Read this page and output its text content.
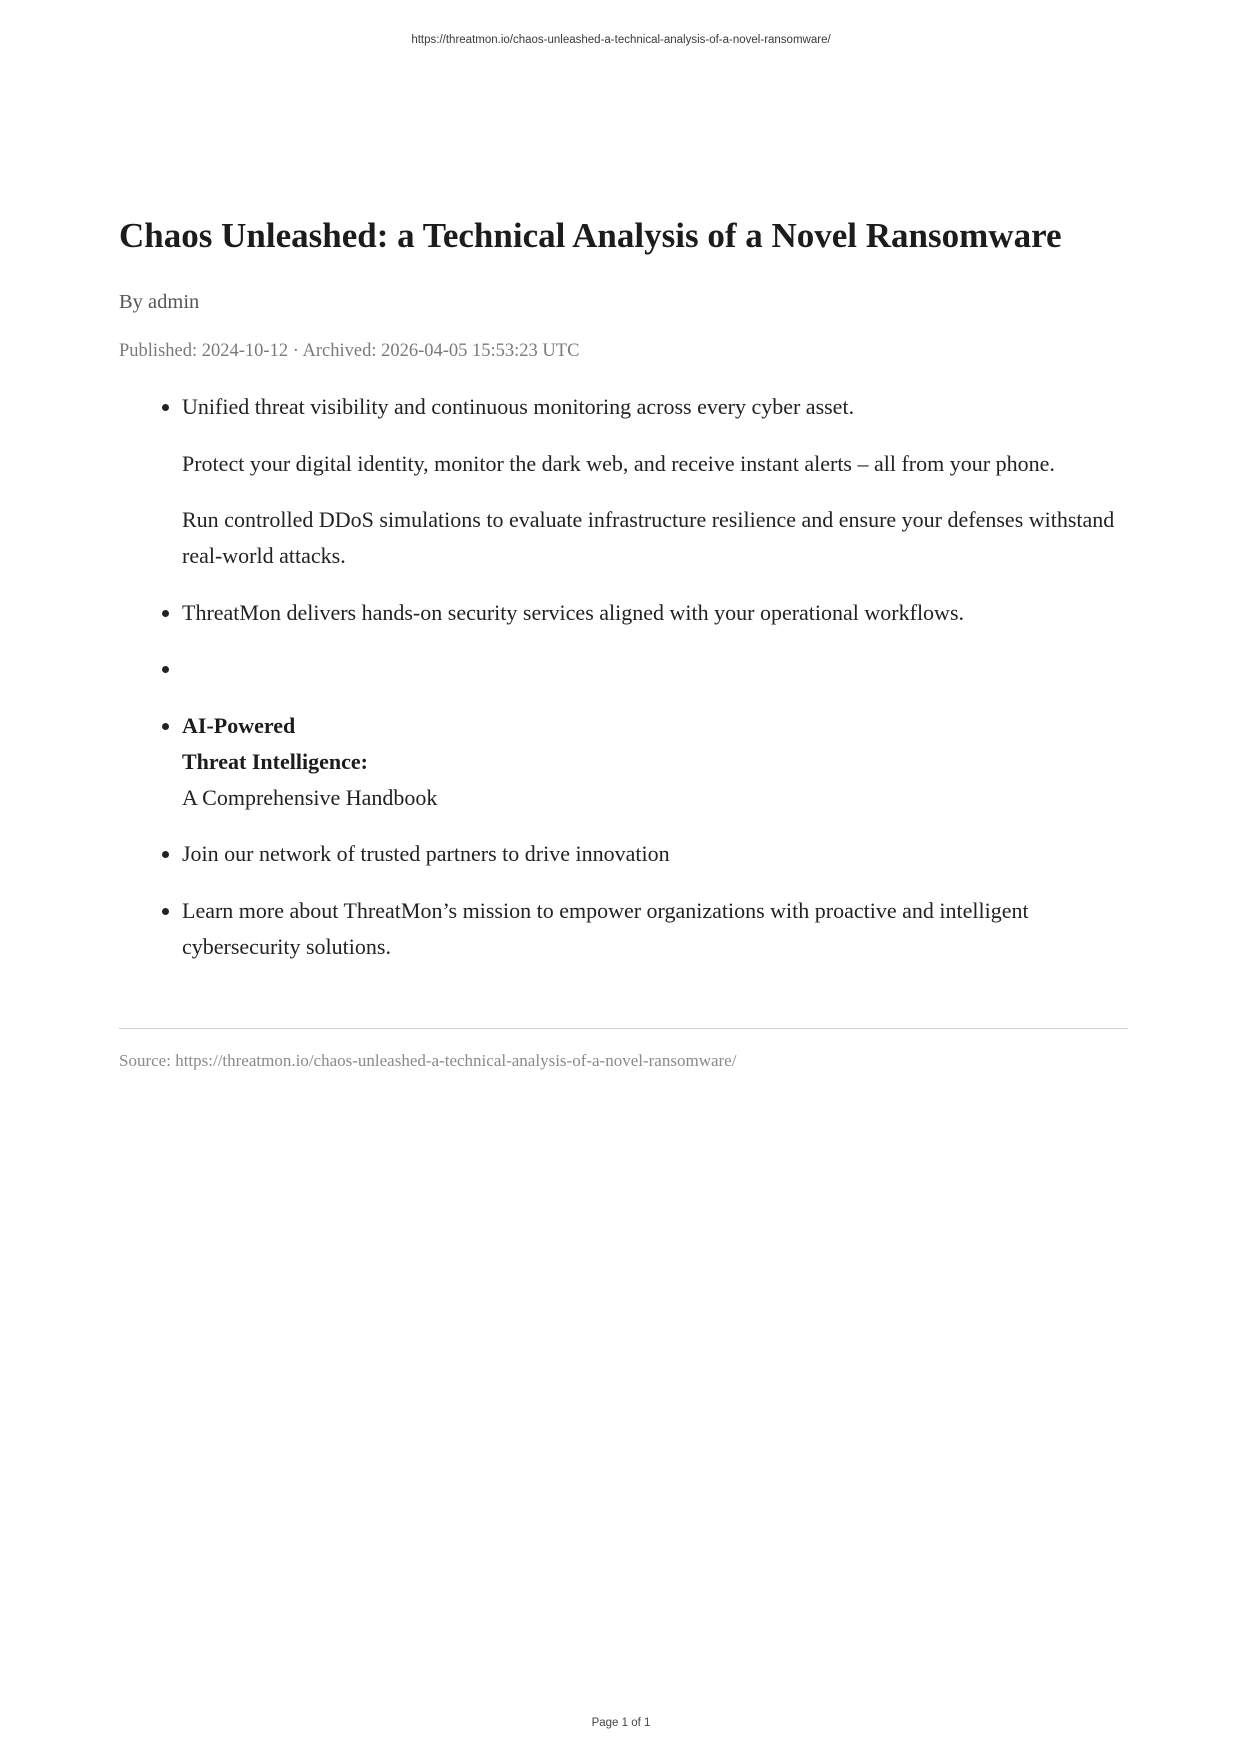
https://threatmon.io/chaos-unleashed-a-technical-analysis-of-a-novel-ransomware/
Chaos Unleashed: a Technical Analysis of a Novel Ransomware

By admin

Published: 2024-10-12 · Archived: 2026-04-05 15:53:23 UTC

• Unified threat visibility and continuous monitoring across every cyber asset.

Protect your digital identity, monitor the dark web, and receive instant alerts – all from your phone.

Run controlled DDoS simulations to evaluate infrastructure resilience and ensure your defenses withstand real-world attacks.

• ThreatMon delivers hands-on security services aligned with your operational workflows.

• ​
• AI-Powered
Threat Intelligence:

A Comprehensive Handbook

• Join our network of trusted partners to drive innovation

• Learn more about ThreatMon’s mission to empower organizations with proactive and intelligent cybersecurity solutions.

Source: https://threatmon.io/chaos-unleashed-a-technical-analysis-of-a-novel-ransomware/

Page 1 of 1
